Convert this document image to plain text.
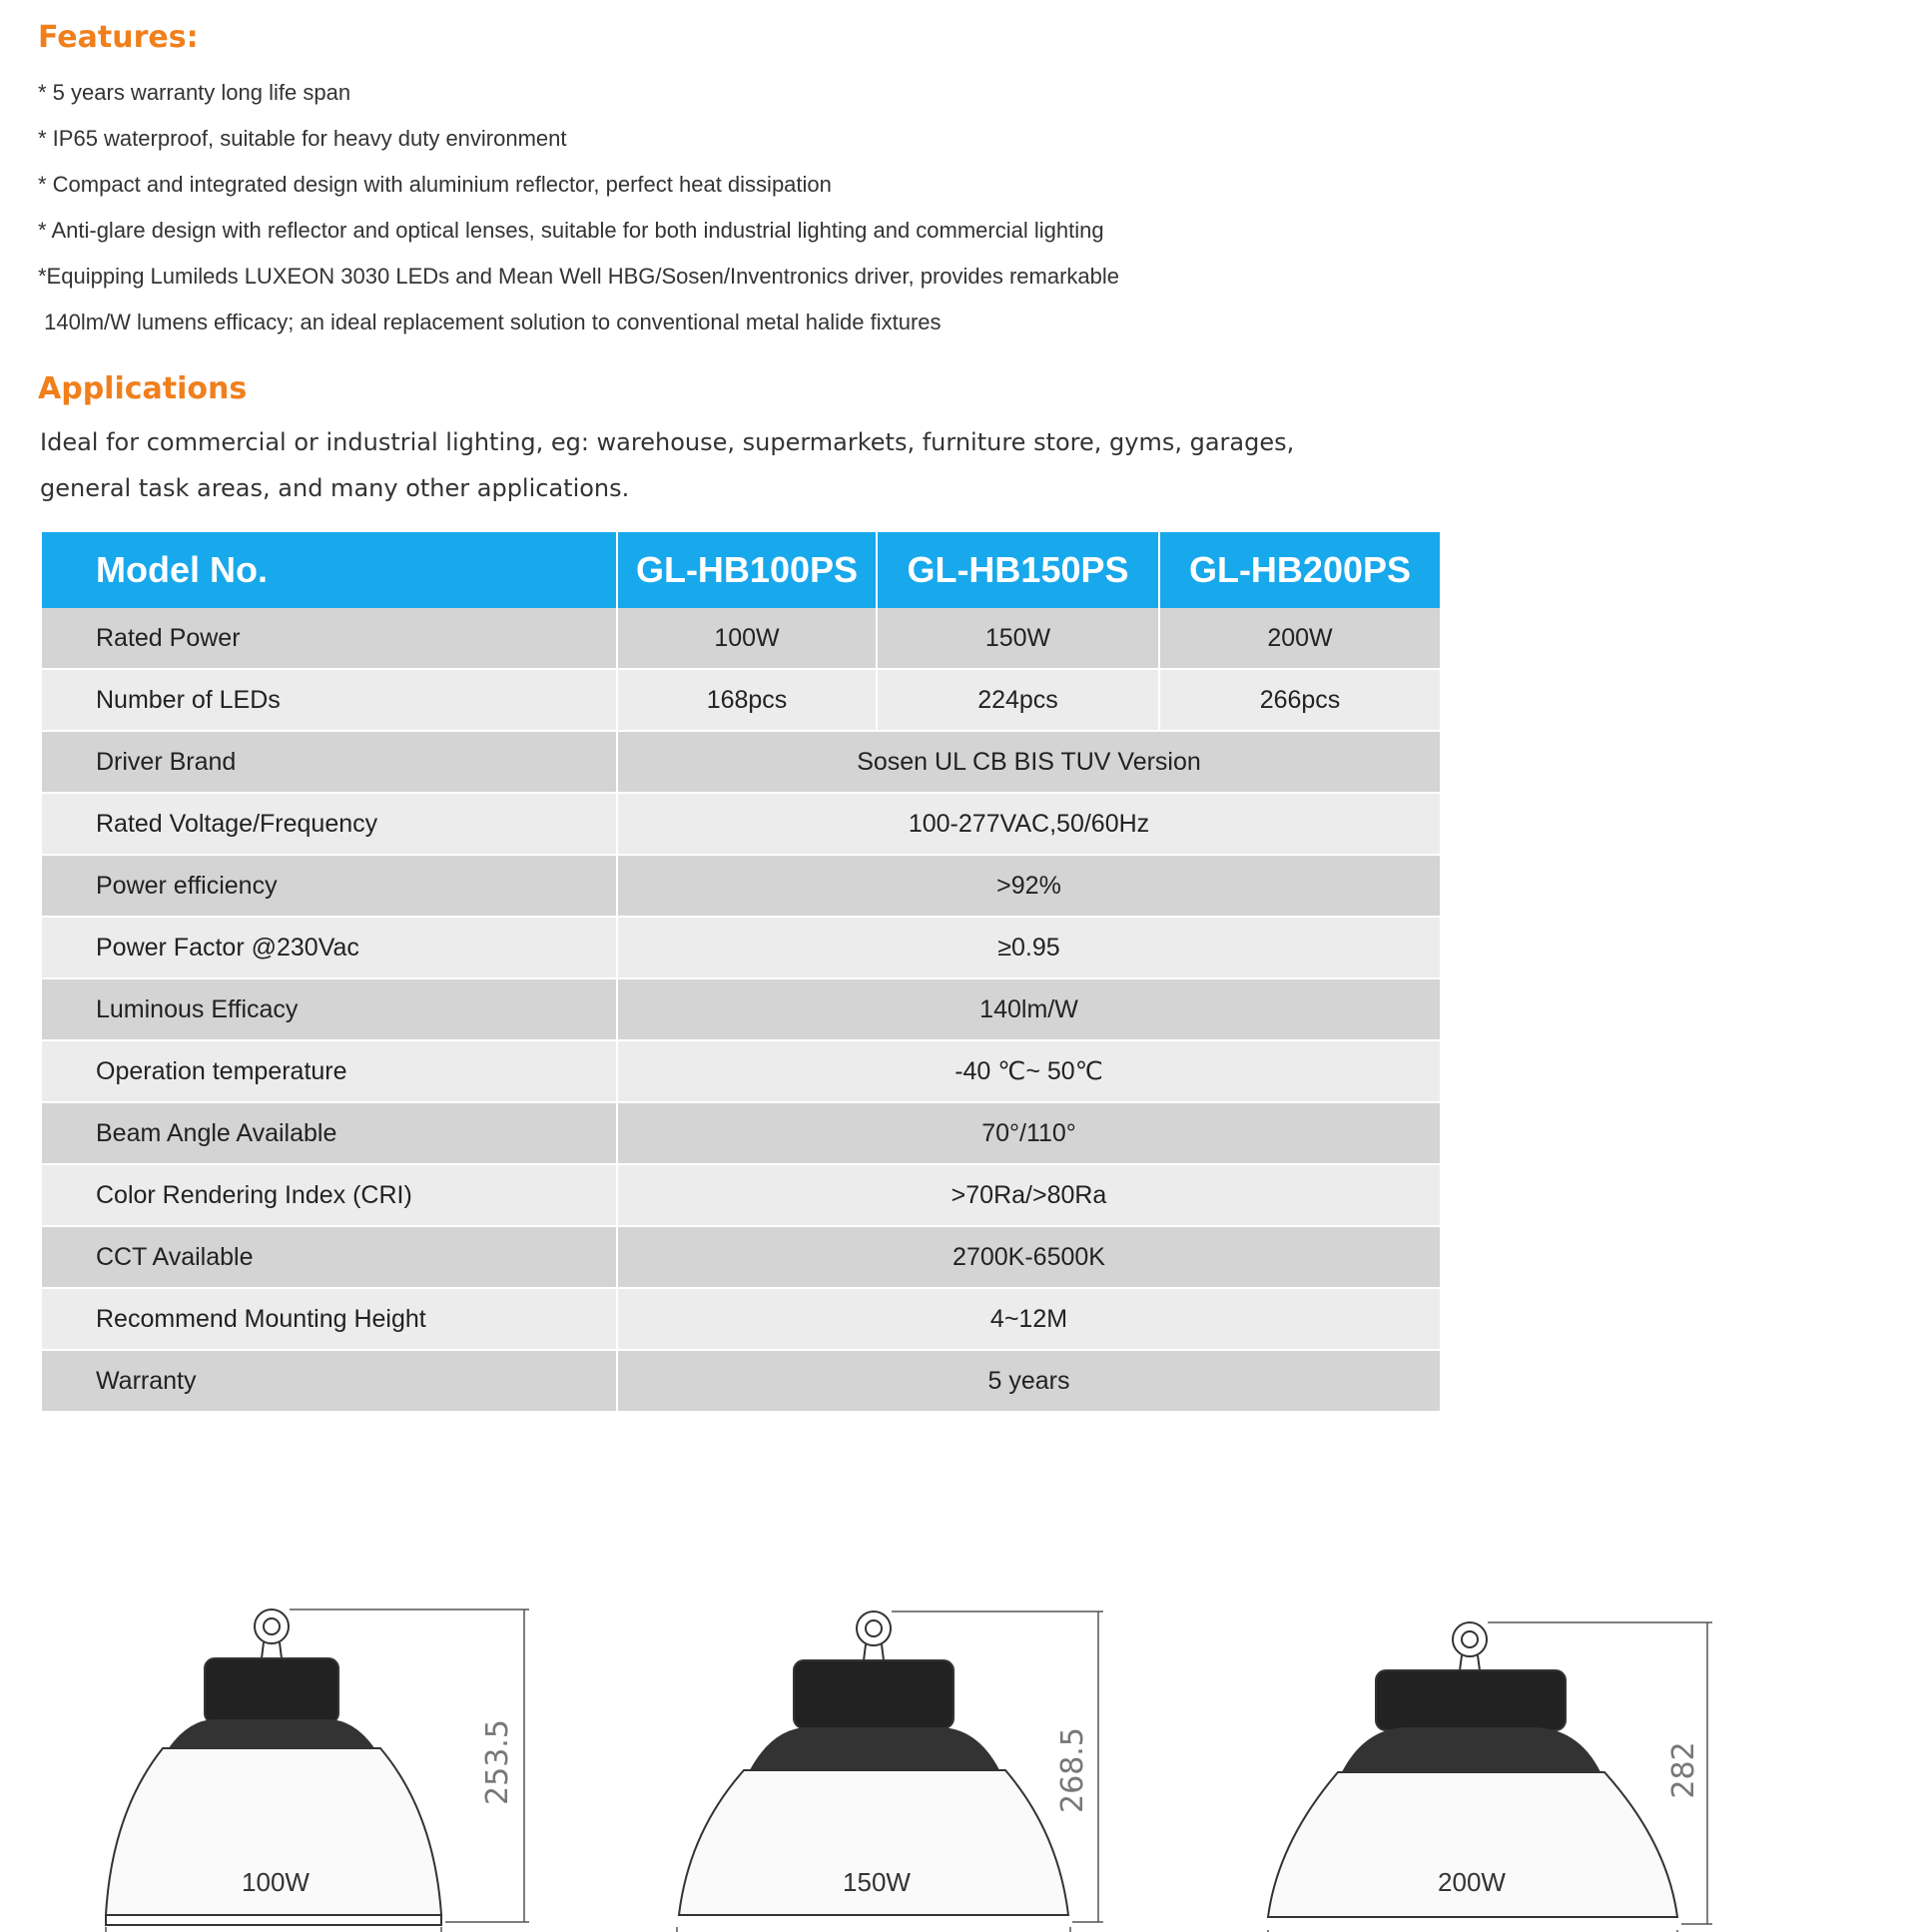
Features:
* 5 years warranty long life span
* IP65 waterproof, suitable for heavy duty environment
* Compact and integrated design with aluminium reflector, perfect heat dissipation
* Anti-glare design with reflector and optical lenses, suitable for both industrial lighting and commercial lighting
*Equipping Lumileds LUXEON 3030 LEDs and Mean Well HBG/Sosen/Inventronics driver, provides remarkable
140lm/W lumens efficacy; an ideal replacement solution to conventional metal halide fixtures
Applications
Ideal for commercial or industrial lighting, eg: warehouse, supermarkets, furniture store, gyms, garages,
general task areas, and many other applications.
Model No.	GL-HB100PS	GL-HB150PS	GL-HB200PS
Rated Power	100W	150W	200W
Number of LEDs	168pcs	224pcs	266pcs
Driver Brand	Sosen UL CB BIS TUV Version		
Rated Voltage/Frequency	100-277VAC,50/60Hz		
Power efficiency	>92%		
Power Factor @230Vac	≥0.95		
Luminous Efficacy	140lm/W		
Operation temperature	-40 ℃~ 50℃		
Beam Angle Available	70°/110°		
Color Rendering Index (CRI)	>70Ra/>80Ra		
CCT Available	2700K-6500K		
Recommend Mounting Height	4~12M		
Warranty	5 years		
253.5	268.5	282
100W	150W	200W
